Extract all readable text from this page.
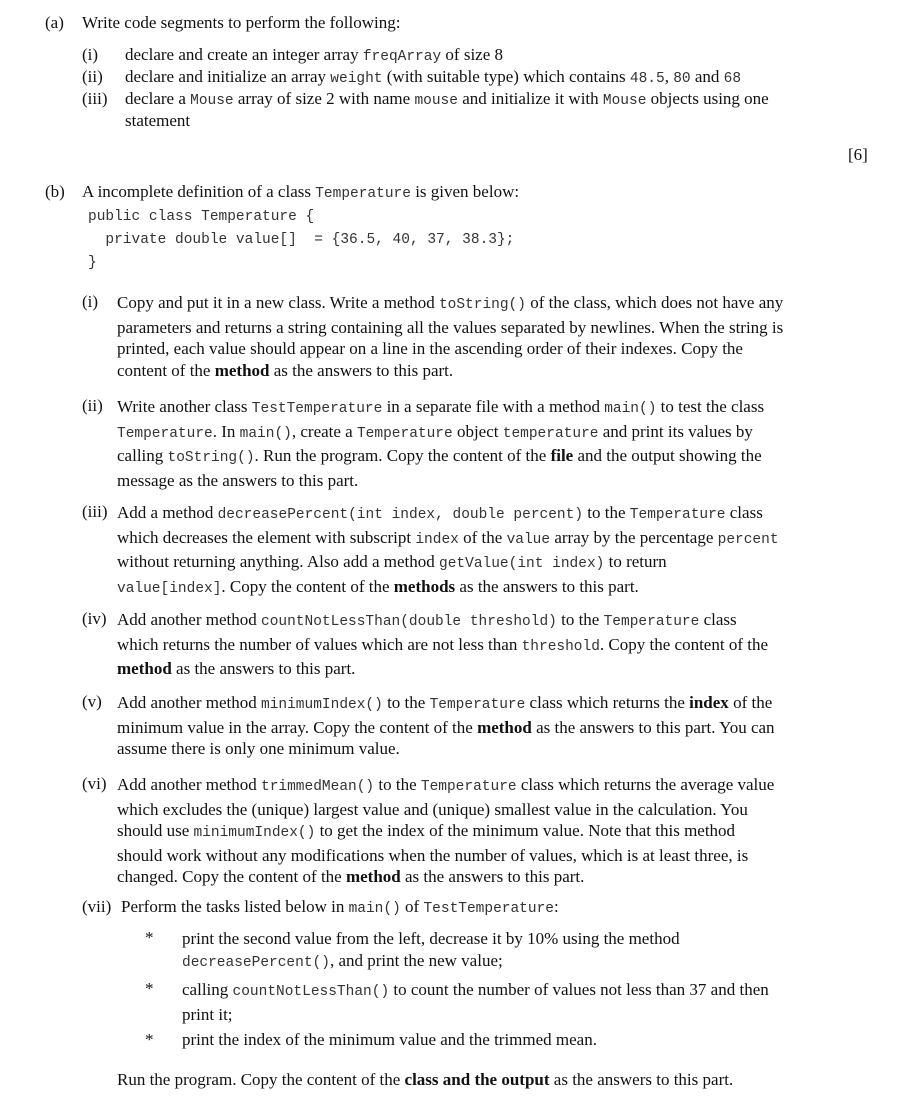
(a) Write code segments to perform the following:
(i) declare and create an integer array freqArray of size 8
(ii) declare and initialize an array weight (with suitable type) which contains 48.5, 80 and 68
(iii) declare a Mouse array of size 2 with name mouse and initialize it with Mouse objects using one
statement
[6]
(b) A incomplete definition of a class Temperature is given below:
public class Temperature {
private double value[]  = {36.5, 40, 37, 38.3};
}
(i) Copy and put it in a new class. Write a method toString() of the class, which does not have any
parameters and returns a string containing all the values separated by newlines. When the string is
printed, each value should appear on a line in the ascending order of their indexes. Copy the
content of the method as the answers to this part.
(ii) Write another class TestTemperature in a separate file with a method main() to test the class
Temperature. In main(), create a Temperature object temperature and print its values by
calling toString(). Run the program. Copy the content of the file and the output showing the
message as the answers to this part.
(iii) Add a method decreasePercent(int index, double percent) to the Temperature class
which decreases the element with subscript index of the value array by the percentage percent
without returning anything. Also add a method getValue(int index) to return
value[index]. Copy the content of the methods as the answers to this part.
(iv) Add another method countNotLessThan(double threshold) to the Temperature class
which returns the number of values which are not less than threshold. Copy the content of the
method as the answers to this part.
(v) Add another method minimumIndex() to the Temperature class which returns the index of the
minimum value in the array. Copy the content of the method as the answers to this part. You can
assume there is only one minimum value.
(vi) Add another method trimmedMean() to the Temperature class which returns the average value
which excludes the (unique) largest value and (unique) smallest value in the calculation. You
should use minimumIndex() to get the index of the minimum value. Note that this method
should work without any modifications when the number of values, which is at least three, is
changed. Copy the content of the method as the answers to this part.
(vii) Perform the tasks listed below in main() of TestTemperature:
* print the second value from the left, decrease it by 10% using the method
decreasePercent(), and print the new value;
* calling countNotLessThan() to count the number of values not less than 37 and then
print it;
* print the index of the minimum value and the trimmed mean.
Run the program. Copy the content of the class and the output as the answers to this part.
